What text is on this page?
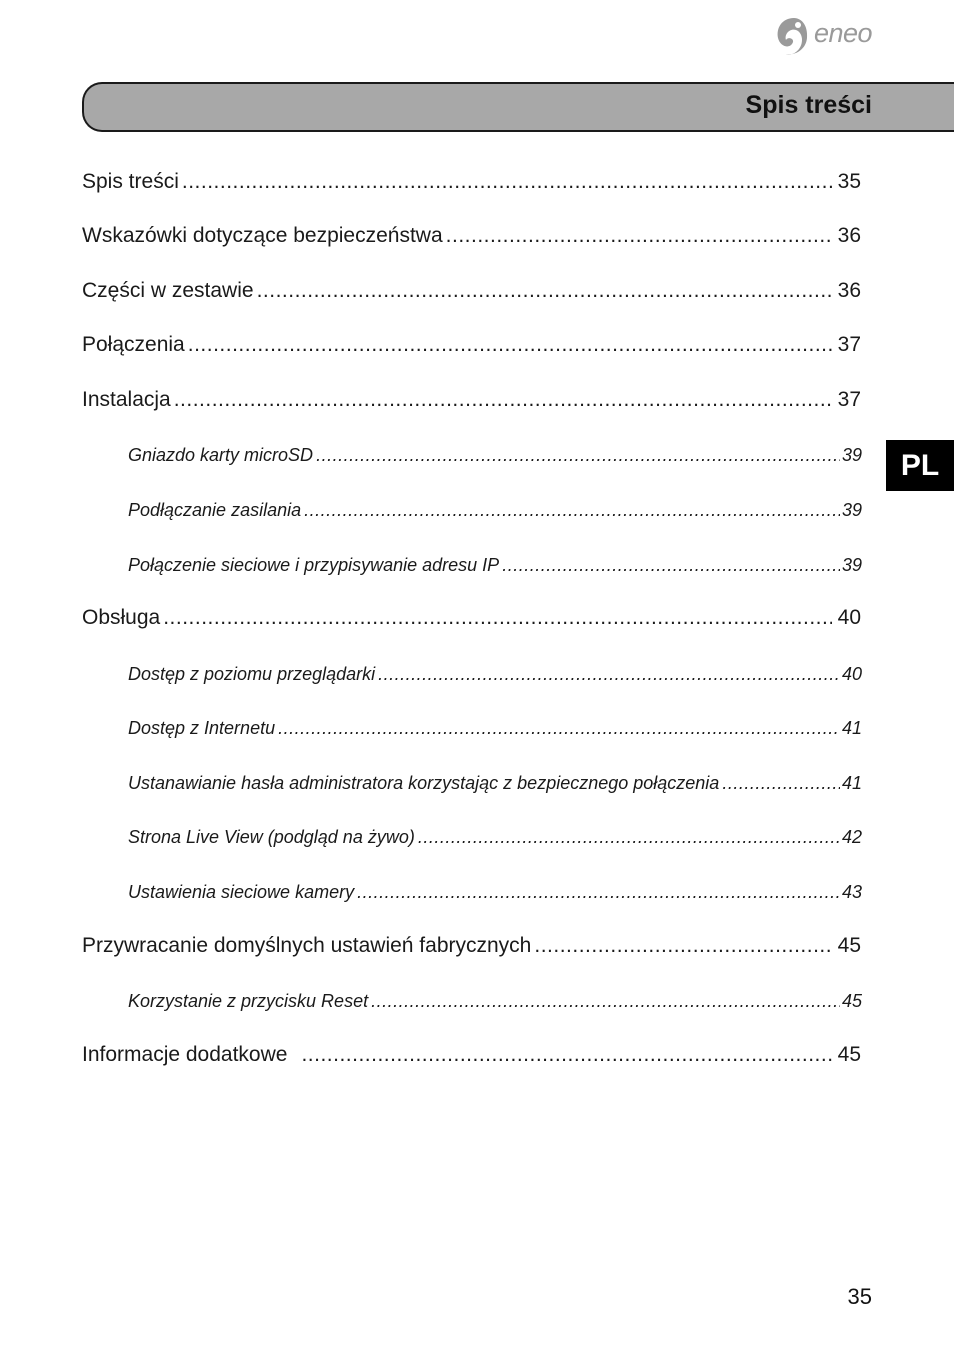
eneo
Spis treści
PL
Spis treści .....	35
Wskazówki dotyczące bezpieczeństwa .....	36
Części w zestawie .....	36
Połączenia .....	37
Instalacja .....	37
Gniazdo karty microSD .....	39
Podłączanie zasilania .....	39
Połączenie sieciowe i przypisywanie adresu IP .....	39
Obsługa .....	40
Dostęp z poziomu przeglądarki .....	40
Dostęp z Internetu .....	41
Ustanawianie hasła administratora korzystając z bezpiecznego połączenia .....	41
Strona Live View (podgląd na żywo) .....	42
Ustawienia sieciowe kamery .....	43
Przywracanie domyślnych ustawień fabrycznych .....	45
Korzystanie z przycisku Reset .....	45
Informacje dodatkowe .....	45
35
